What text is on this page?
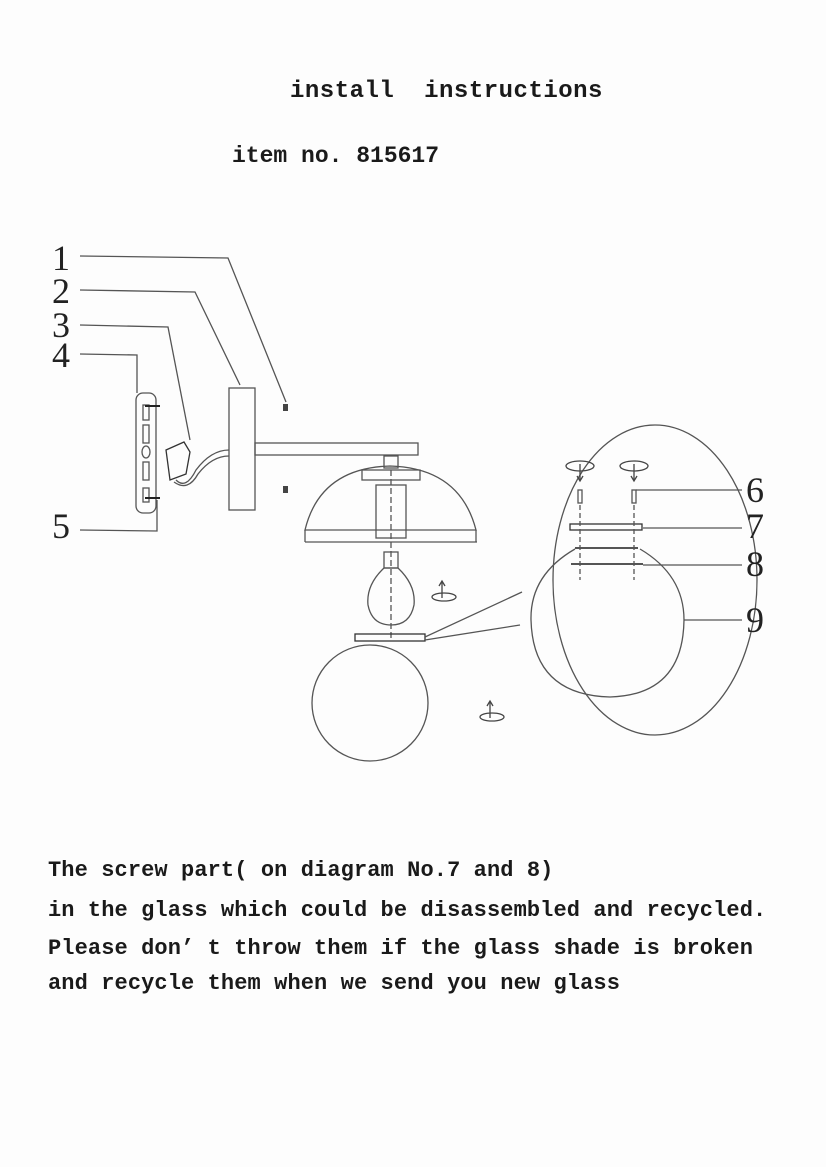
install  instructions
item no. 815617
1
2
3
4
5
6
7
8
9
The screw part( on diagram No.7 and 8)
in the glass which could be disassembled and recycled.
Please don’ t throw them if the glass shade is broken
and recycle them when we send you new glass
